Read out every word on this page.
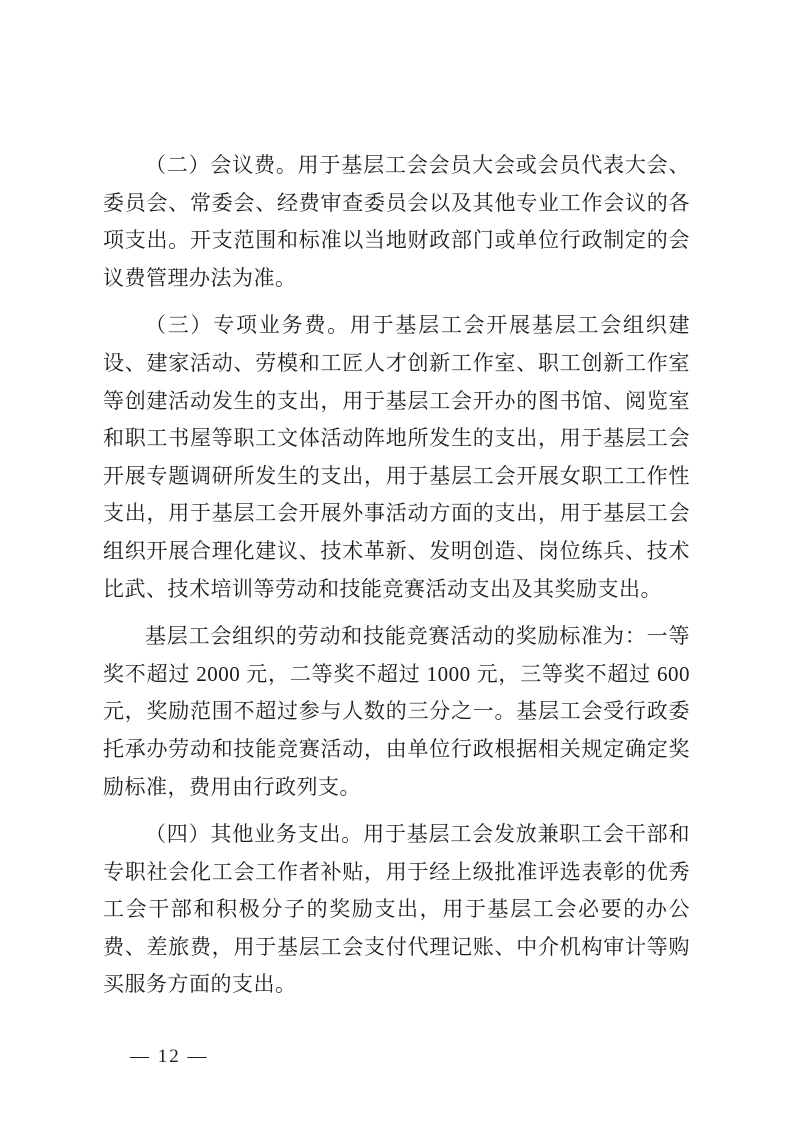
（二）会议费。用于基层工会会员大会或会员代表大会、委员会、常委会、经费审查委员会以及其他专业工作会议的各项支出。开支范围和标准以当地财政部门或单位行政制定的会议费管理办法为准。

（三）专项业务费。用于基层工会开展基层工会组织建设、建家活动、劳模和工匠人才创新工作室、职工创新工作室等创建活动发生的支出，用于基层工会开办的图书馆、阅览室和职工书屋等职工文体活动阵地所发生的支出，用于基层工会开展专题调研所发生的支出，用于基层工会开展女职工工作性支出，用于基层工会开展外事活动方面的支出，用于基层工会组织开展合理化建议、技术革新、发明创造、岗位练兵、技术比武、技术培训等劳动和技能竞赛活动支出及其奖励支出。

基层工会组织的劳动和技能竞赛活动的奖励标准为：一等奖不超过 2000 元，二等奖不超过 1000 元，三等奖不超过 600 元，奖励范围不超过参与人数的三分之一。基层工会受行政委托承办劳动和技能竞赛活动，由单位行政根据相关规定确定奖励标准，费用由行政列支。

（四）其他业务支出。用于基层工会发放兼职工会干部和专职社会化工会工作者补贴，用于经上级批准评选表彰的优秀工会干部和积极分子的奖励支出，用于基层工会必要的办公费、差旅费，用于基层工会支付代理记账、中介机构审计等购买服务方面的支出。

— 12 —
